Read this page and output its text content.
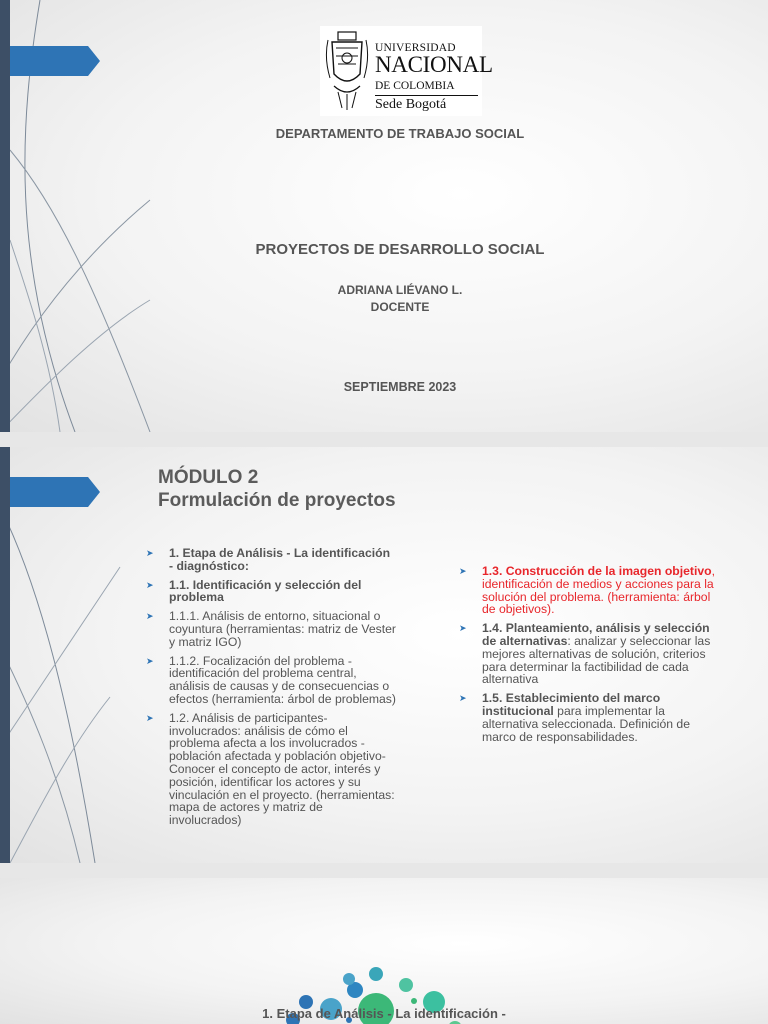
UNIVERSIDAD
NACIONAL
DE COLOMBIA
Sede Bogotá
DEPARTAMENTO DE TRABAJO SOCIAL
PROYECTOS DE DESARROLLO SOCIAL
ADRIANA LIÉVANO L.
DOCENTE
SEPTIEMBRE 2023
MÓDULO 2
Formulación de proyectos
➤ 1. Etapa de Análisis - La identificación - diagnóstico:
➤ 1.1. Identificación y selección del problema
➤ 1.1.1. Análisis de entorno, situacional o coyuntura (herramientas: matriz de Vester y matriz IGO)
➤ 1.1.2. Focalización del problema - identificación del problema central, análisis de causas y de consecuencias o efectos (herramienta: árbol de problemas)
➤ 1.2. Análisis de participantes- involucrados: análisis de cómo el problema afecta a los involucrados - población afectada y población objetivo- Conocer el concepto de actor, interés y posición, identificar los actores y su vinculación en el proyecto. (herramientas: mapa de actores y matriz de involucrados)
➤ 1.3. Construcción de la imagen objetivo, identificación de medios y acciones para la solución del problema. (herramienta: árbol de objetivos).
➤ 1.4. Planteamiento, análisis y selección de alternativas: analizar y seleccionar las mejores alternativas de solución, criterios para determinar la factibilidad de cada alternativa
➤ 1.5. Establecimiento del marco institucional para implementar la alternativa seleccionada. Definición de marco de responsabilidades.
1. Etapa de Análisis - La identificación -
